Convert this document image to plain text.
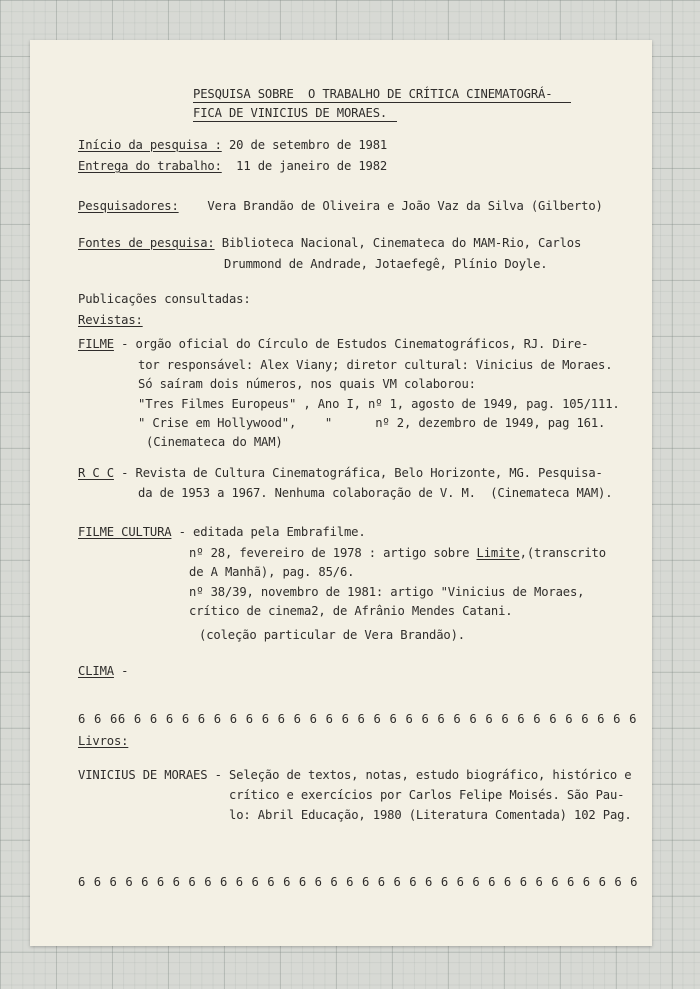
PESQUISA SOBRE  O TRABALHO DE CRÍTICA CINEMATOGRÁ-
FICA DE VINICIUS DE MORAES.
Início da pesquisa : 20 de setembro de 1981
Entrega do trabalho:  11 de janeiro de 1982
Pesquisadores:    Vera Brandão de Oliveira e João Vaz da Silva (Gilberto)
Fontes de pesquisa: Biblioteca Nacional, Cinemateca do MAM-Rio, Carlos
Drummond de Andrade, Jotaefegê, Plínio Doyle.
Publicações consultadas:
Revistas:
FILME - orgão oficial do Círculo de Estudos Cinematográficos, RJ. Dire-
tor responsável: Alex Viany; diretor cultural: Vinicius de Moraes.
Só saíram dois números, nos quais VM colaborou:
"Tres Filmes Europeus" , Ano I, nº 1, agosto de 1949, pag. 105/111.
" Crise em Hollywood",    "      nº 2, dezembro de 1949, pag 161.
(Cinemateca do MAM)
R C C - Revista de Cultura Cinematográfica, Belo Horizonte, MG. Pesquisa-
da de 1953 a 1967. Nenhuma colaboração de V. M.  (Cinemateca MAM).
FILME CULTURA - editada pela Embrafilme.
nº 28, fevereiro de 1978 : artigo sobre Limite,(transcrito
de A Manhã), pag. 85/6.
nº 38/39, novembro de 1981: artigo "Vinicius de Moraes,
crítico de cinema2, de Afrânio Mendes Catani.
(coleção particular de Vera Brandão).
CLIMA -
6 6 66 6 6 6 6 6 6 6 6 6 6 6 6 6 6 6 6 6 6 6 6 6 6 6 6 6 6 6 6 6 6 6 6
Livros:
VINICIUS DE MORAES - Seleção de textos, notas, estudo biográfico, histórico e
crítico e exercícios por Carlos Felipe Moisés. São Pau-
lo: Abril Educação, 1980 (Literatura Comentada) 102 Pag.
6 6 6 6 6 6 6 6 6 6 6 6 6 6 6 6 6 6 6 6 6 6 6 6 6 6 6 6 6 6 6 6 6 6 6 6
